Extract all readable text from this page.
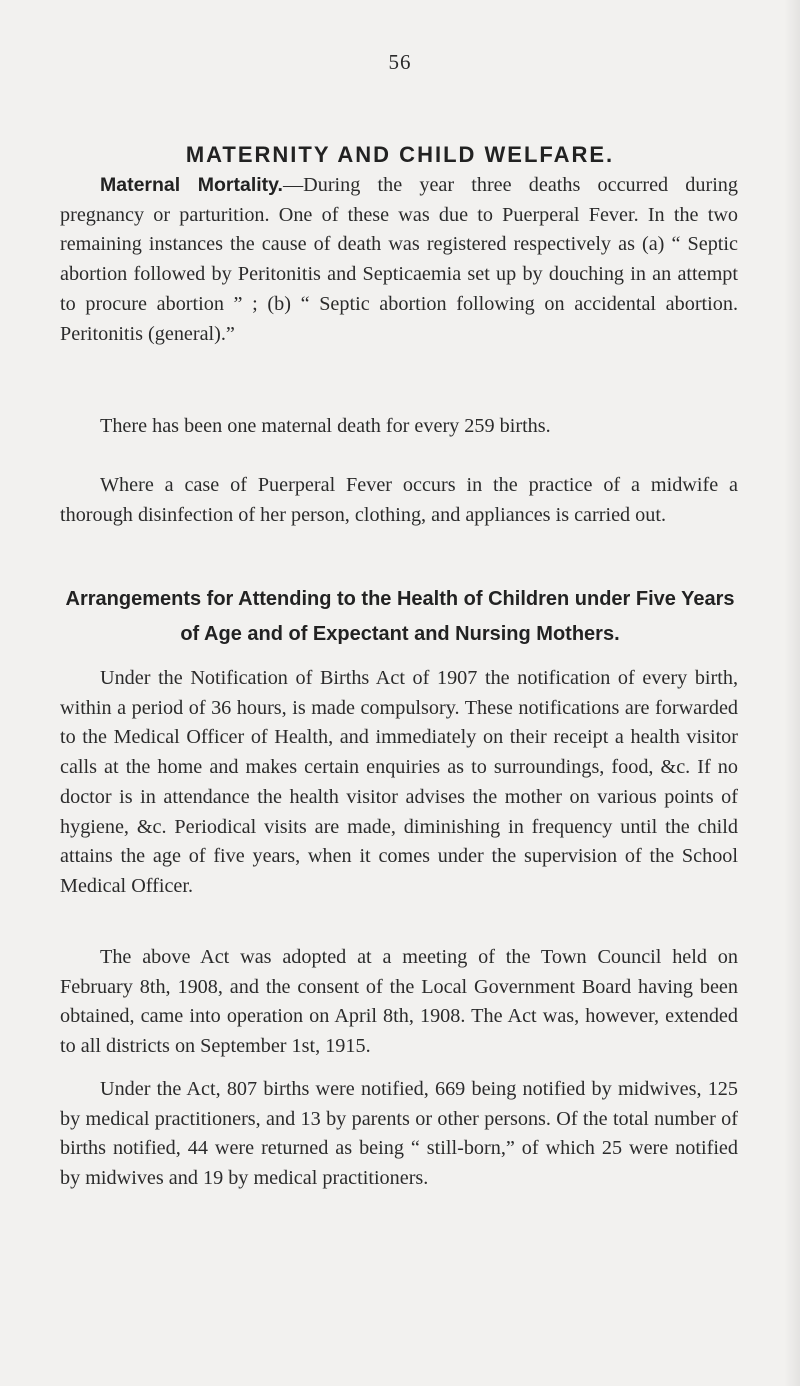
56
MATERNITY AND CHILD WELFARE.

Maternal Mortality.—During the year three deaths occurred during pregnancy or parturition. One of these was due to Puerperal Fever. In the two remaining instances the cause of death was registered respectively as (a) “ Septic abortion followed by Peritonitis and Septicaemia set up by douching in an attempt to procure abortion ” ; (b) “ Septic abortion following on accidental abortion. Peritonitis (general).”

There has been one maternal death for every 259 births.

Where a case of Puerperal Fever occurs in the practice of a midwife a thorough disinfection of her person, clothing, and appliances is carried out.

Arrangements for Attending to the Health of Children under Five Years of Age and of Expectant and Nursing Mothers.

Under the Notification of Births Act of 1907 the notification of every birth, within a period of 36 hours, is made compulsory. These notifications are forwarded to the Medical Officer of Health, and immediately on their receipt a health visitor calls at the home and makes certain enquiries as to surroundings, food, &c. If no doctor is in attendance the health visitor advises the mother on various points of hygiene, &c. Periodical visits are made, diminishing in frequency until the child attains the age of five years, when it comes under the supervision of the School Medical Officer.

The above Act was adopted at a meeting of the Town Council held on February 8th, 1908, and the consent of the Local Government Board having been obtained, came into operation on April 8th, 1908. The Act was, however, extended to all districts on September 1st, 1915.

Under the Act, 807 births were notified, 669 being notified by midwives, 125 by medical practitioners, and 13 by parents or other persons. Of the total number of births notified, 44 were returned as being “ still-born,” of which 25 were notified by midwives and 19 by medical practitioners.
